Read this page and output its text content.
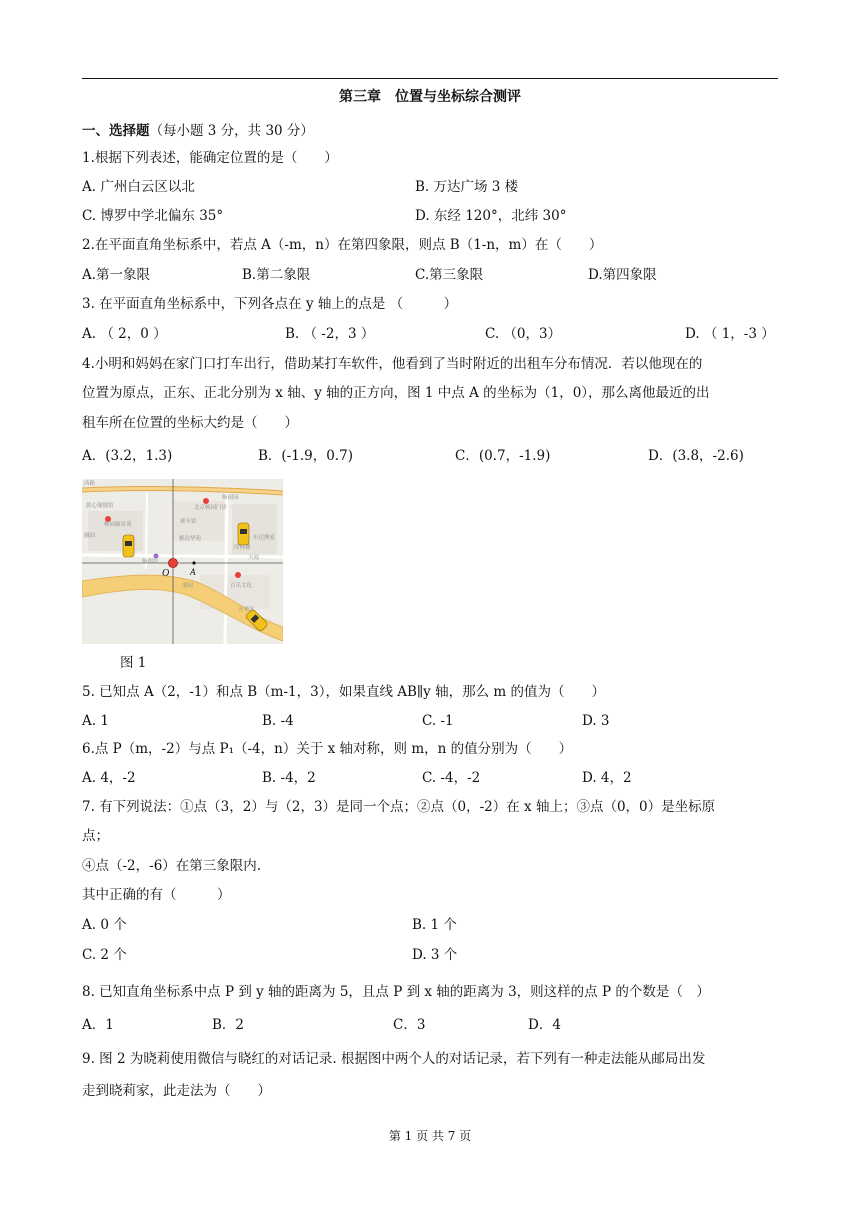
第三章　位置与坐标综合测评
一、选择题（每小题 3 分，共 30 分）
1.根据下列表述，能确定位置的是（　　）
A. 广州白云区以北	B. 万达广场 3 楼
C. 博罗中学北偏东 35°	D. 东经 120°，北纬 30°
2.在平面直角坐标系中，若点 A（-m，n）在第四象限，则点 B（1-n，m）在（　　）
A.第一象限	B.第二象限	C.第三象限	D.第四象限
3. 在平面直角坐标系中，下列各点在 y 轴上的点是 （　　　）
A. （ 2，0 ）	B. （ -2，3 ）	C. （0，3）	D. （ 1，-3 ）
4.小明和妈妈在家门口打车出行，借助某打车软件，他看到了当时附近的出租车分布情况．若以他现在的
位置为原点，正东、正北分别为 x 轴、y 轴的正方向，图 1 中点 A 的坐标为（1，0），那么离他最近的出
租车所在位置的坐标大约是（　　）
A．(3.2，1.3)	B．(-1.9，0.7)	C．(0.7，-1.9)	D．(3.8，-2.6)
西路
源心瑜伽馆	北京畅园门诊
畅园园
融园
畅园颐景苑
雅达华苑	东达澳家
赛车馆
畅翔坊
百乐文化
五华区
天福
印林楼
盛园
O A
图 1
5. 已知点 A（2，-1）和点 B（m-1，3），如果直线 AB∥y 轴，那么 m 的值为（　　）
A. 1	B. -4	C. -1	D. 3
6.点 P（m，-2）与点 P₁（-4，n）关于 x 轴对称，则 m，n 的值分别为（　　）
A. 4，-2	B. -4，2	C. -4，-2	D. 4，2
7. 有下列说法：①点（3，2）与（2，3）是同一个点；②点（0，-2）在 x 轴上；③点（0，0）是坐标原
点；
④点（-2，-6）在第三象限内.
其中正确的有（　　　）
A. 0 个	B. 1 个
C. 2 个	D. 3 个
8. 已知直角坐标系中点 P 到 y 轴的距离为 5，且点 P 到 x 轴的距离为 3，则这样的点 P 的个数是（　）
A．1	B．2	C．3	D．4
9. 图 2 为晓莉使用微信与晓红的对话记录. 根据图中两个人的对话记录，若下列有一种走法能从邮局出发
走到晓莉家，此走法为（　　）
第 1 页 共 7 页
